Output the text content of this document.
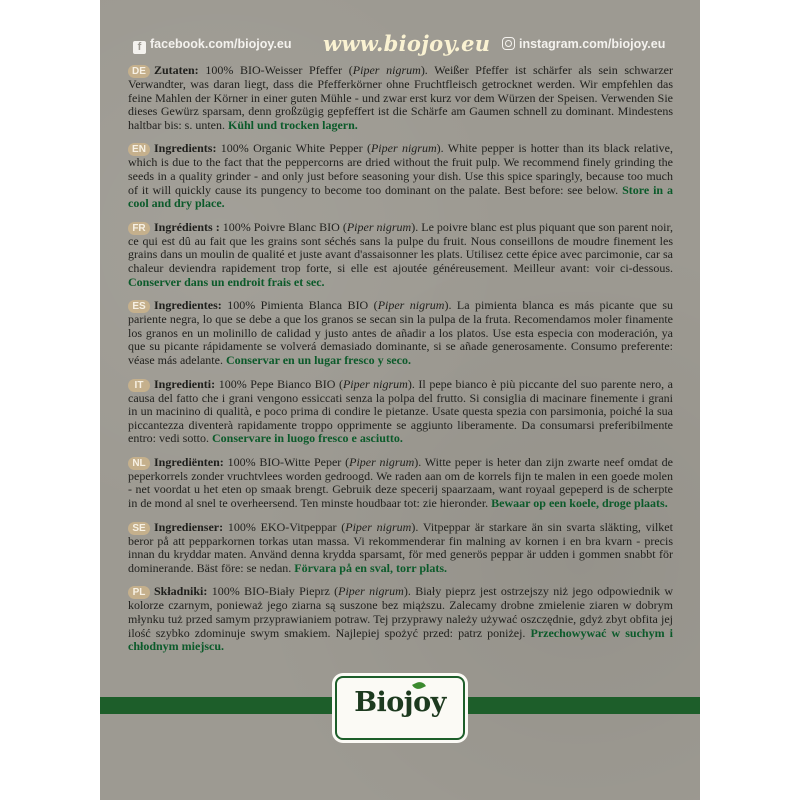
f facebook.com/biojoy.eu www.biojoy.eu	instagram.com/biojoy.eu

DE Zutaten: 100% BIO-Weisser Pfeffer (Piper nigrum). Weißer Pfeffer ist schärfer als sein schwarzer Verwandter, was daran liegt, dass die Pfefferkörner ohne Fruchtfleisch getrocknet werden. Wir empfehlen das feine Mahlen der Körner in einer guten Mühle - und zwar erst kurz vor dem Würzen der Speisen. Verwenden Sie dieses Gewürz sparsam, denn großzügig gepfeffert ist die Schärfe am Gaumen schnell zu dominant. Mindestens haltbar bis: s. unten. Kühl und trocken lagern.

EN Ingredients: 100% Organic White Pepper (Piper nigrum). White pepper is hotter than its black relative, which is due to the fact that the peppercorns are dried without the fruit pulp. We recommend finely grinding the seeds in a quality grinder - and only just before seasoning your dish. Use this spice sparingly, because too much of it will quickly cause its pungency to become too dominant on the palate. Best before: see below. Store in a cool and dry place.

FR Ingrédients : 100% Poivre Blanc BIO (Piper nigrum). Le poivre blanc est plus piquant que son parent noir, ce qui est dû au fait que les grains sont séchés sans la pulpe du fruit. Nous conseillons de moudre finement les grains dans un moulin de qualité et juste avant d'assaisonner les plats. Utilisez cette épice avec parcimonie, car sa chaleur deviendra rapidement trop forte, si elle est ajoutée généreusement. Meilleur avant: voir ci-dessous. Conserver dans un endroit frais et sec.

ES Ingredientes: 100% Pimienta Blanca BIO (Piper nigrum). La pimienta blanca es más picante que su pariente negra, lo que se debe a que los granos se secan sin la pulpa de la fruta. Recomendamos moler finamente los granos en un molinillo de calidad y justo antes de añadir a los platos. Use esta especia con moderación, ya que su picante rápidamente se volverá demasiado dominante, si se añade generosamente. Consumo preferente: véase más adelante. Conservar en un lugar fresco y seco.

IT Ingredienti: 100% Pepe Bianco BIO (Piper nigrum). Il pepe bianco è più piccante del suo parente nero, a causa del fatto che i grani vengono essiccati senza la polpa del frutto. Si consiglia di macinare finemente i grani in un macinino di qualità, e poco prima di condire le pietanze. Usate questa spezia con parsimonia, poiché la sua piccantezza diventerà rapidamente troppo opprimente se aggiunto liberamente. Da consumarsi preferibilmente entro: vedi sotto. Conservare in luogo fresco e asciutto.

NL Ingrediënten: 100% BIO-Witte Peper (Piper nigrum). Witte peper is heter dan zijn zwarte neef omdat de peperkorrels zonder vruchtvlees worden gedroogd. We raden aan om de korrels fijn te malen in een goede molen - net voordat u het eten op smaak brengt. Gebruik deze specerij spaarzaam, want royaal gepeperd is de scherpte in de mond al snel te overheersend. Ten minste houdbaar tot: zie hieronder. Bewaar op een koele, droge plaats.

SE Ingredienser: 100% EKO-Vitpeppar (Piper nigrum). Vitpeppar är starkare än sin svarta släkting, vilket beror på att pepparkornen torkas utan massa. Vi rekommenderar fin malning av kornen i en bra kvarn - precis innan du kryddar maten. Använd denna krydda sparsamt, för med generös peppar är udden i gommen snabbt för dominerande. Bäst före: se nedan. Förvara på en sval, torr plats.

PL Składniki: 100% BIO-Biały Pieprz (Piper nigrum). Biały pieprz jest ostrzejszy niż jego odpowiednik w kolorze czarnym, ponieważ jego ziarna są suszone bez miąższu. Zalecamy drobne zmielenie ziaren w dobrym młynku tuż przed samym przyprawianiem potraw. Tej przyprawy należy używać oszczędnie, gdyż zbyt obfita jej ilość szybko zdominuje swym smakiem. Najlepiej spożyć przed: patrz poniżej. Przechowywać w suchym i chłodnym miejscu.

Biojoy
